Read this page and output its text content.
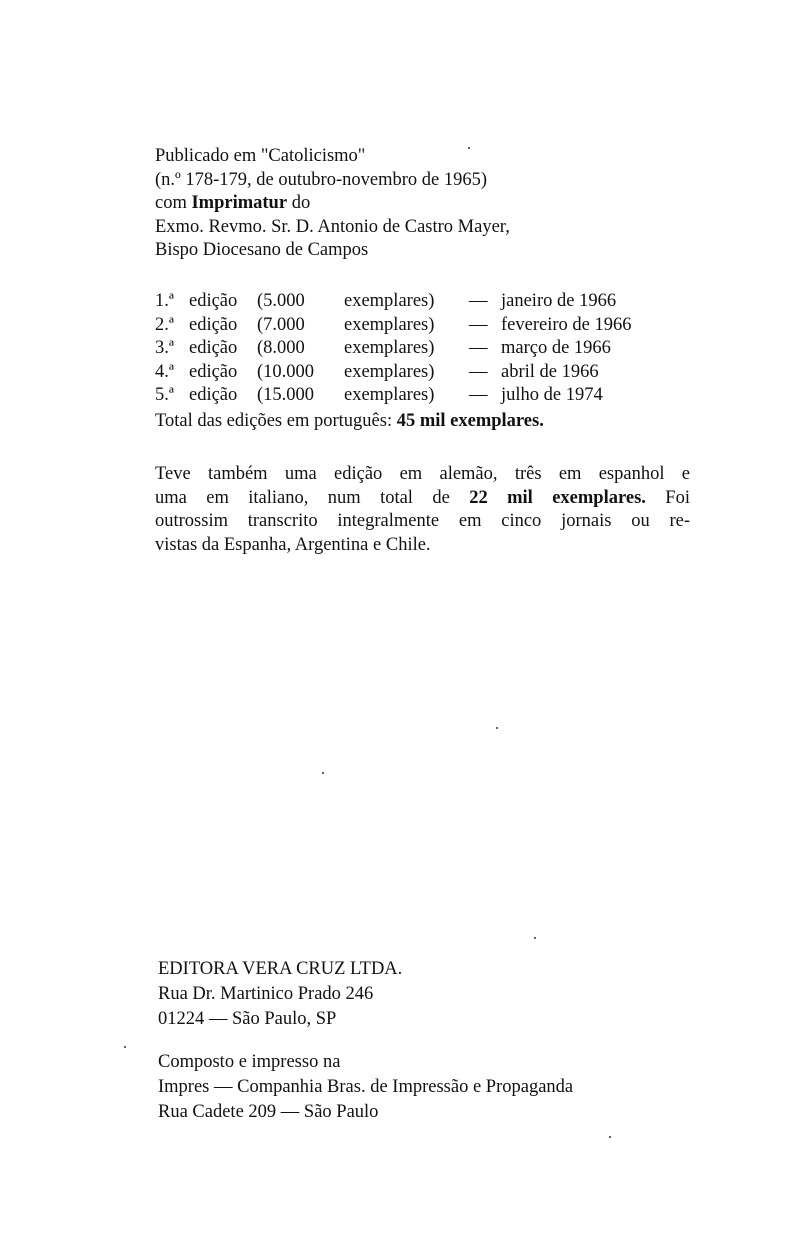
Publicado em "Catolicismo"
(n.º 178-179, de outubro-novembro de 1965)
com Imprimatur do
Exmo. Revmo. Sr. D. Antonio de Castro Mayer,
Bispo Diocesano de Campos
1.ª edição	(5.000	exemplares)	— janeiro de 1966
2.ª edição	(7.000	exemplares)	— fevereiro de 1966
3.ª edição	(8.000	exemplares)	— março de 1966
4.ª edição	(10.000	exemplares)	— abril de 1966
5.ª edição	(15.000	exemplares)	— julho de 1974
Total das edições em português: 45 mil exemplares.
Teve também uma edição em alemão, três em espanhol e
uma em italiano, num total de 22 mil exemplares. Foi
outrossim transcrito integralmente em cinco jornais ou re-
vistas da Espanha, Argentina e Chile.
EDITORA VERA CRUZ LTDA.
Rua Dr. Martinico Prado 246
01224 — São Paulo, SP
Composto e impresso na
Impres — Companhia Bras. de Impressão e Propaganda
Rua Cadete 209 — São Paulo
